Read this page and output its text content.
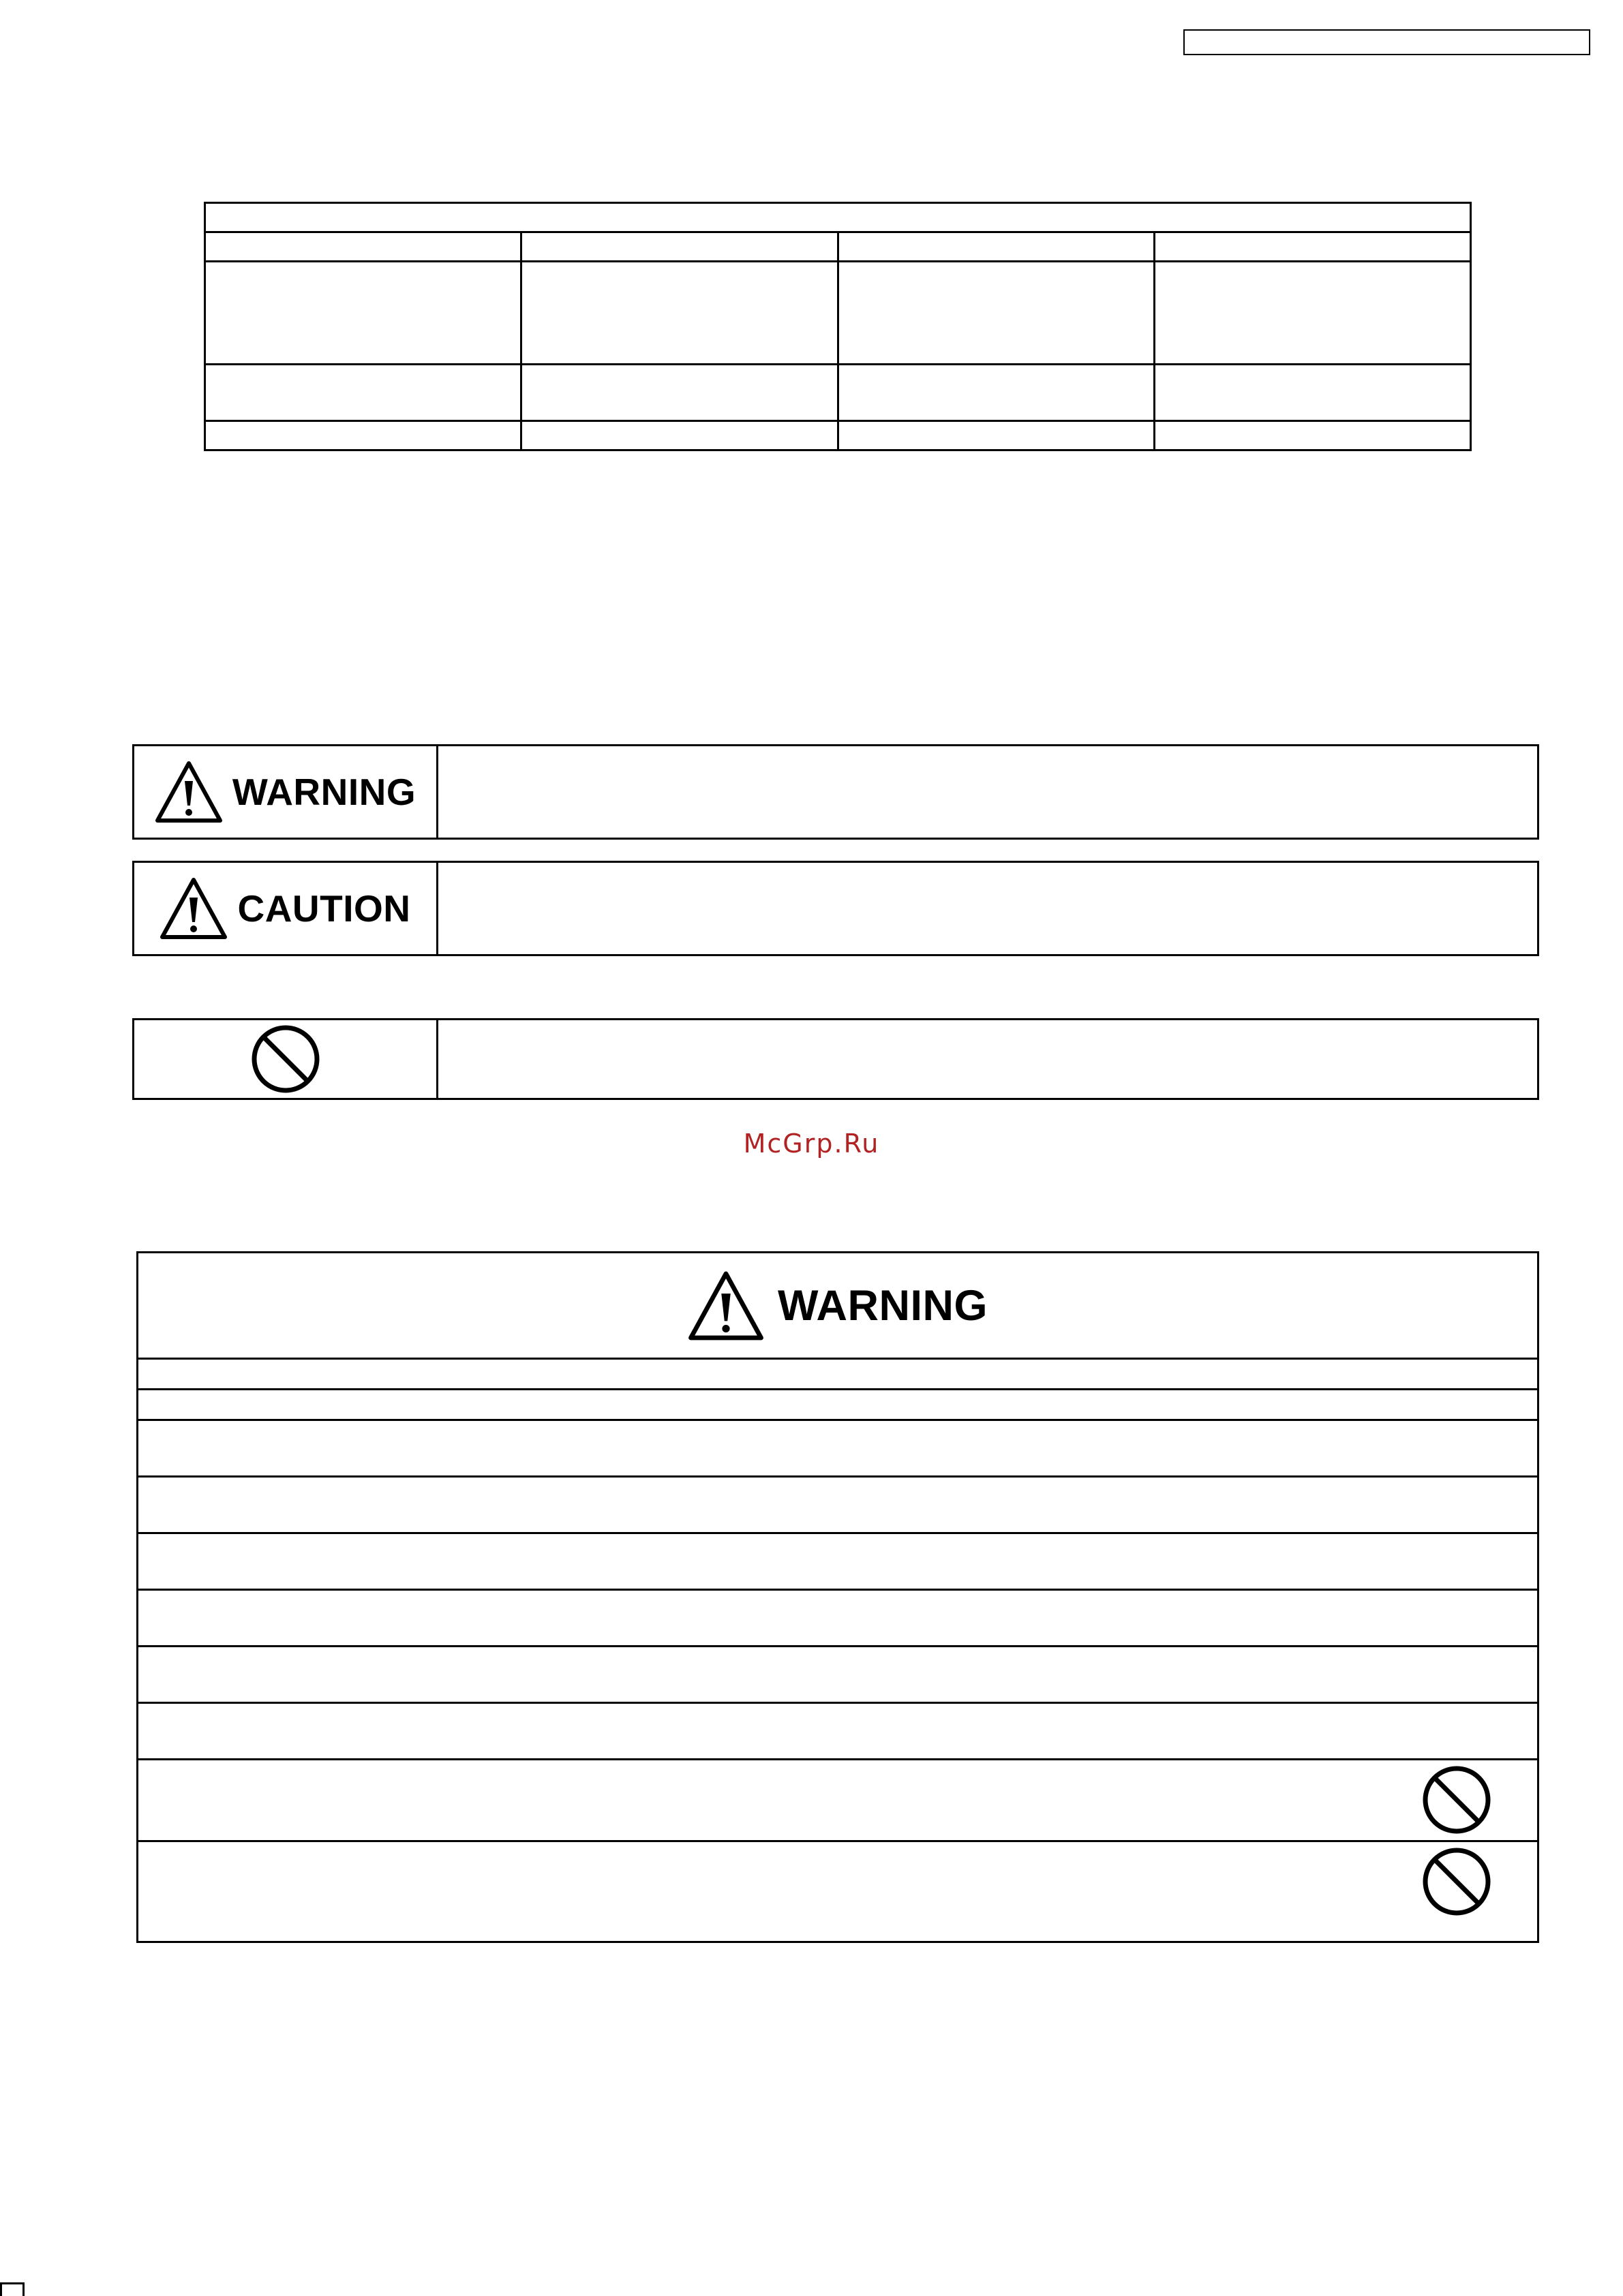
WARNING
CAUTION
McGrp.Ru
WARNING
